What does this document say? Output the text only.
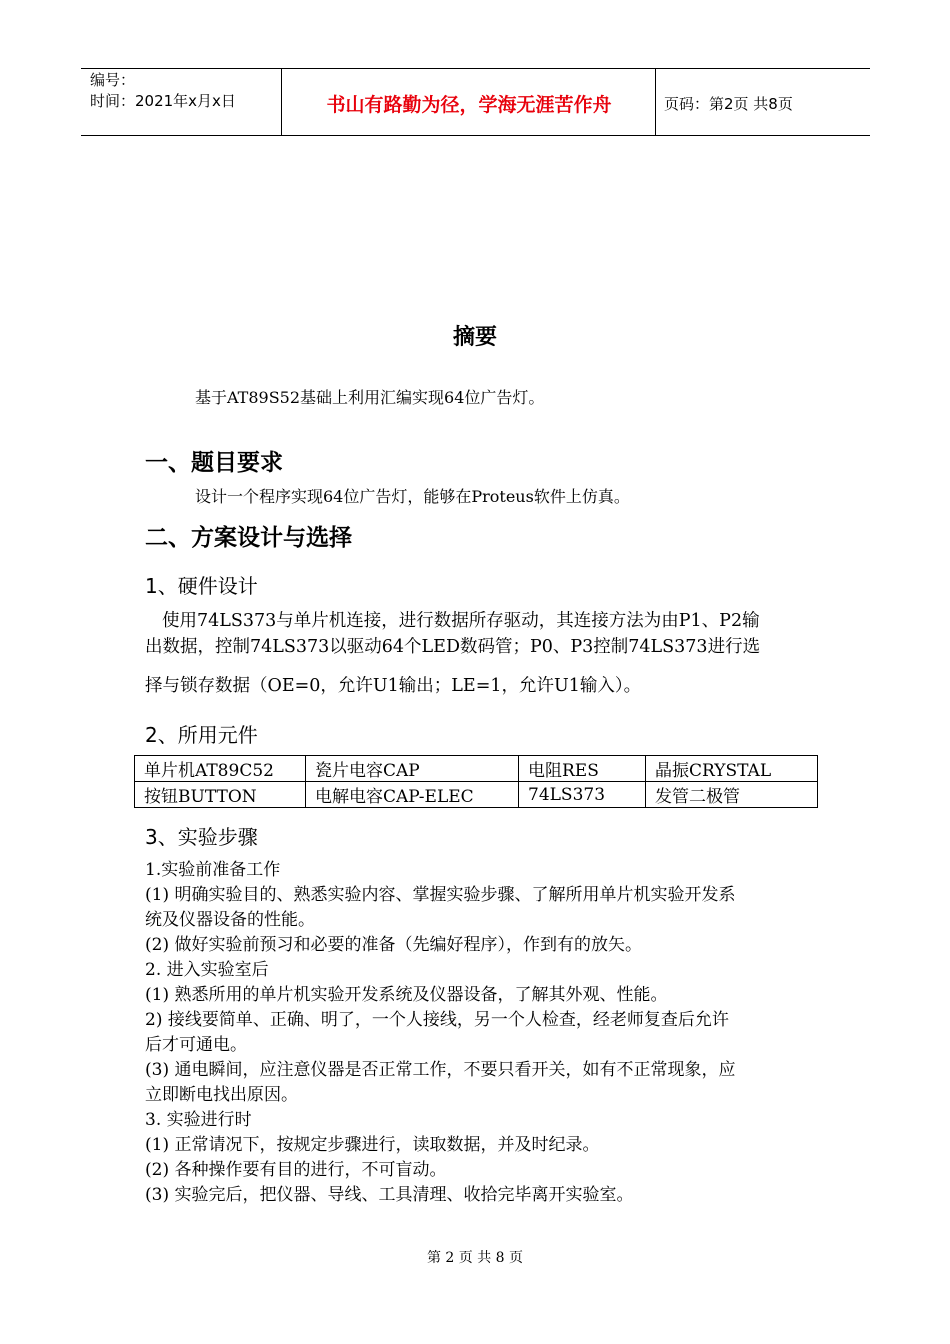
编号：
时间：2021年x月x日	书山有路勤为径，学海无涯苦作舟	页码：第2页 共8页
摘要
基于AT89S52基础上利用汇编实现64位广告灯。
一、题目要求
设计一个程序实现64位广告灯，能够在Proteus软件上仿真。
二、方案设计与选择
1、硬件设计
使用74LS373与单片机连接，进行数据所存驱动，其连接方法为由P1、P2输
出数据，控制74LS373以驱动64个LED数码管；P0、P3控制74LS373进行选
择与锁存数据（OE=0，允许U1输出；LE=1，允许U1输入）。
2、所用元件
单片机AT89C52	瓷片电容CAP	电阻RES	晶振CRYSTAL
按钮BUTTON	电解电容CAP-ELEC	74LS373	发管二极管
3、实验步骤
1.实验前准备工作
(1) 明确实验目的、熟悉实验内容、掌握实验步骤、了解所用单片机实验开发系
统及仪器设备的性能。
(2) 做好实验前预习和必要的准备（先编好程序），作到有的放矢。
2. 进入实验室后
(1) 熟悉所用的单片机实验开发系统及仪器设备，了解其外观、性能。
2) 接线要简单、正确、明了，一个人接线，另一个人检查，经老师复查后允许
后才可通电。
(3) 通电瞬间，应注意仪器是否正常工作，不要只看开关，如有不正常现象，应
立即断电找出原因。
3. 实验进行时
(1) 正常请况下，按规定步骤进行，读取数据，并及时纪录。
(2) 各种操作要有目的进行，不可盲动。
(3) 实验完后，把仪器、导线、工具清理、收拾完毕离开实验室。
第 2 页 共 8 页
